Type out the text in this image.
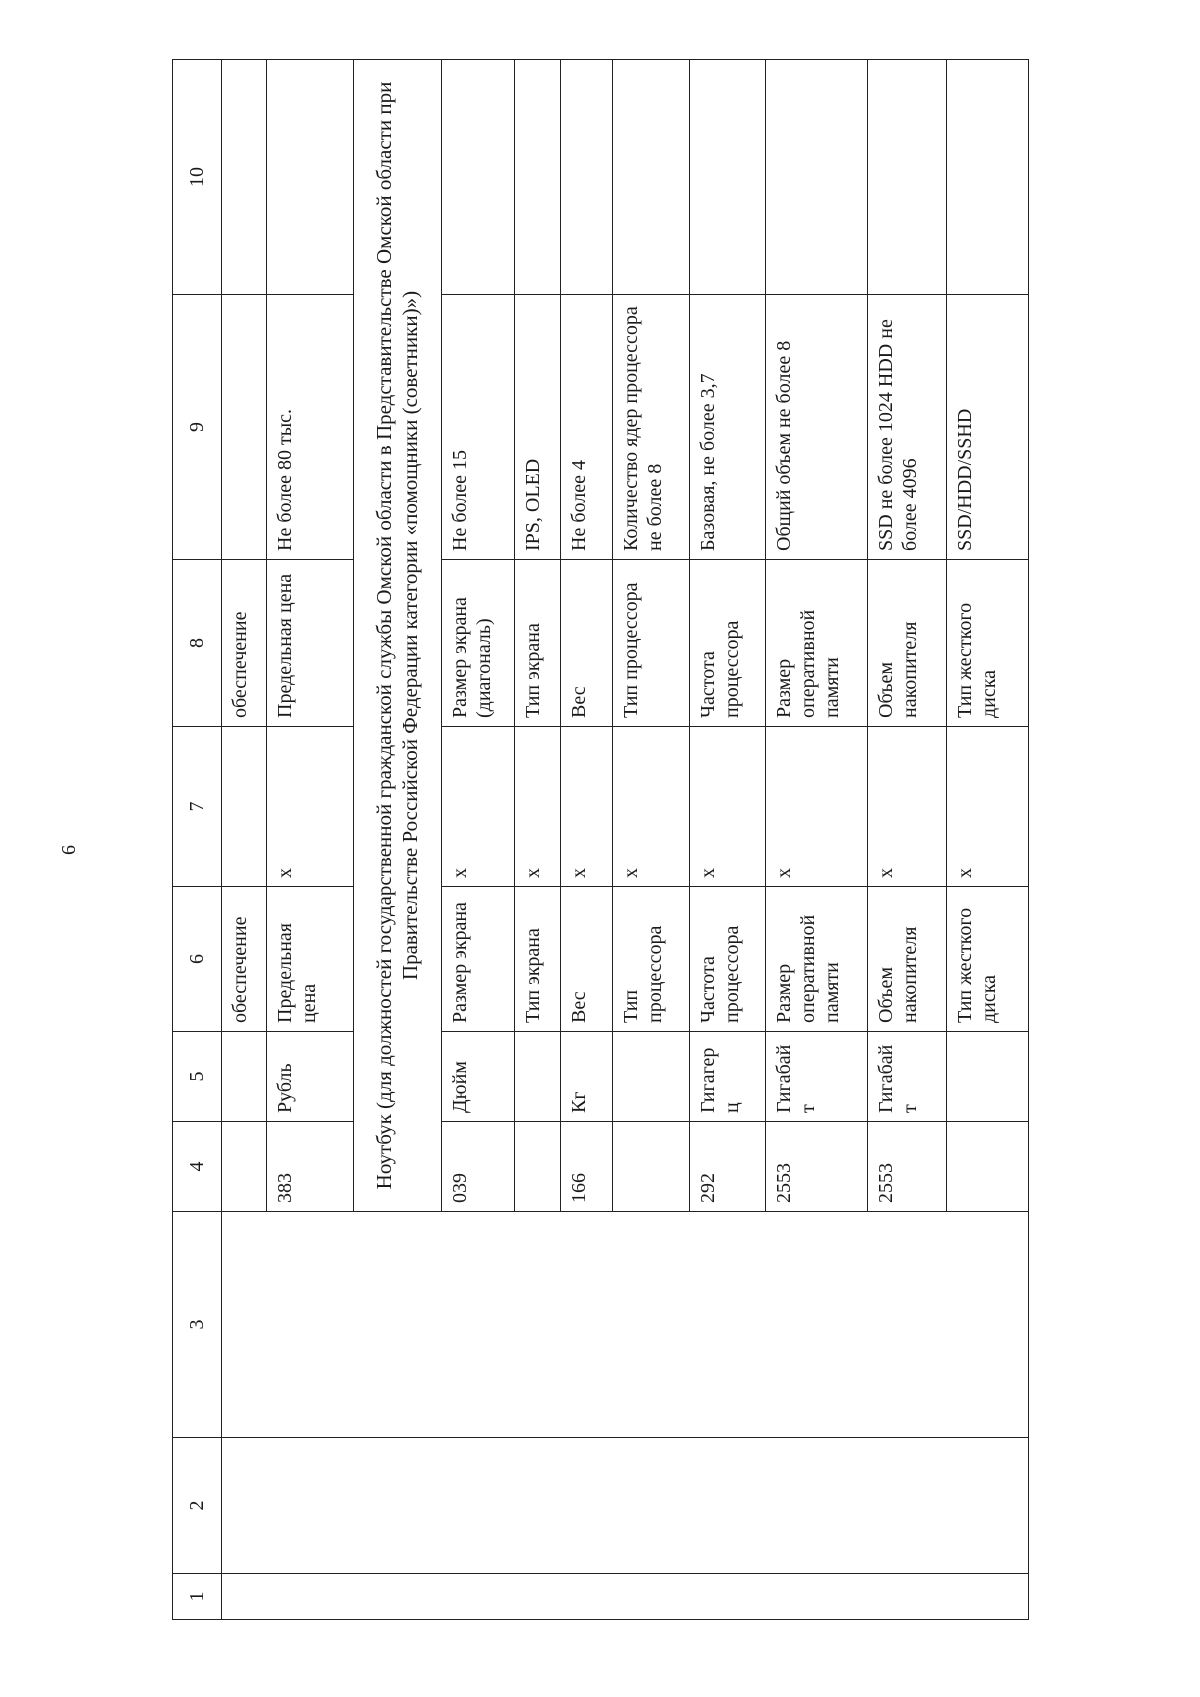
6
1	2	3	4	5	6	7	8	9	10
					обеспечение		обеспечение		
			383	Рубль	Предельная цена	x	Предельная цена	Не более 80 тыс.	
			Ноутбук (для должностей государственной гражданской службы Омской области в Представительстве Омской области при Правительстве Российской Федерации категории «помощники (советники)»)						
			039	Дюйм	Размер экрана	x	Размер экрана (диагональ)	Не более 15	
					Тип экрана	x	Тип экрана	IPS, OLED	
			166	Кг	Вес	x	Вес	Не более 4	
					Тип процессора	x	Тип процессора	Количество ядер процессора не более 8	
			292	Гигагерц	Частота процессора	x	Частота процессора	Базовая, не более 3,7	
			2553	Гигабайт	Размер оперативной памяти	x	Размер оперативной памяти	Общий объем не более 8	
			2553	Гигабайт	Объем накопителя	x	Объем накопителя	SSD не более 1024 HDD не более 4096	
					Тип жесткого диска	x	Тип жесткого диска	SSD/HDD/SSHD	
